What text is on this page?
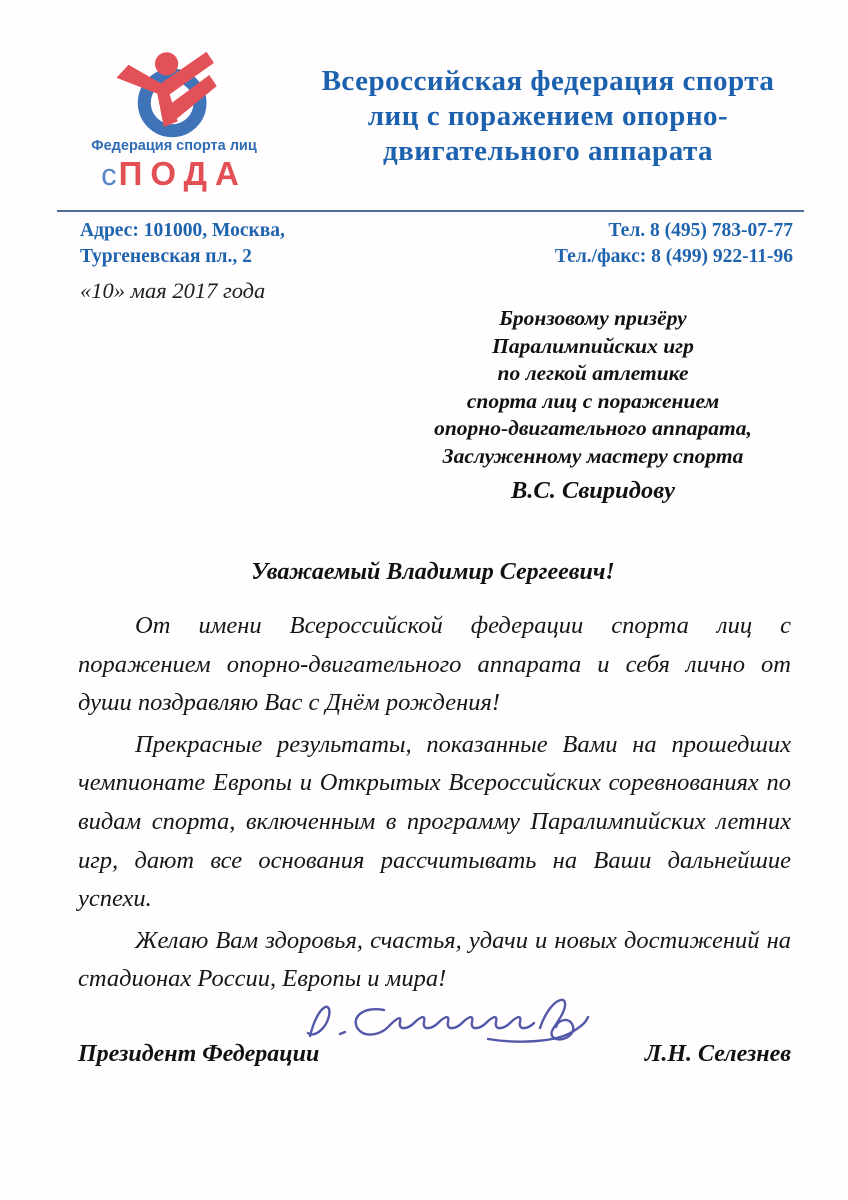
Федерация спорта лиц
с ПОДА
Всероссийская федерация спорта
лиц с поражением опорно-
двигательного аппарата
Адрес: 101000, Москва,
Тургеневская пл., 2
Тел. 8 (495) 783-07-77
Тел./факс: 8 (499) 922-11-96
«10» мая 2017 года
Бронзовому призёру
Паралимпийских игр
по легкой атлетике
спорта лиц с поражением
опорно-двигательного аппарата,
Заслуженному мастеру спорта
В.С. Свиридову
Уважаемый Владимир Сергеевич!

От имени Всероссийской федерации спорта лиц с поражением опорно-двигательного аппарата и себя лично от души поздравляю Вас с Днём рождения!

Прекрасные результаты, показанные Вами на прошедших чемпионате Европы и Открытых Всероссийских соревнованиях по видам спорта, включенным в программу Паралимпийских летних игр, дают все основания рассчитывать на Ваши дальнейшие успехи.

Желаю Вам здоровья, счастья, удачи и новых достижений на стадионах России, Европы и мира!

Президент Федерации	Л.Н. Селезнев
